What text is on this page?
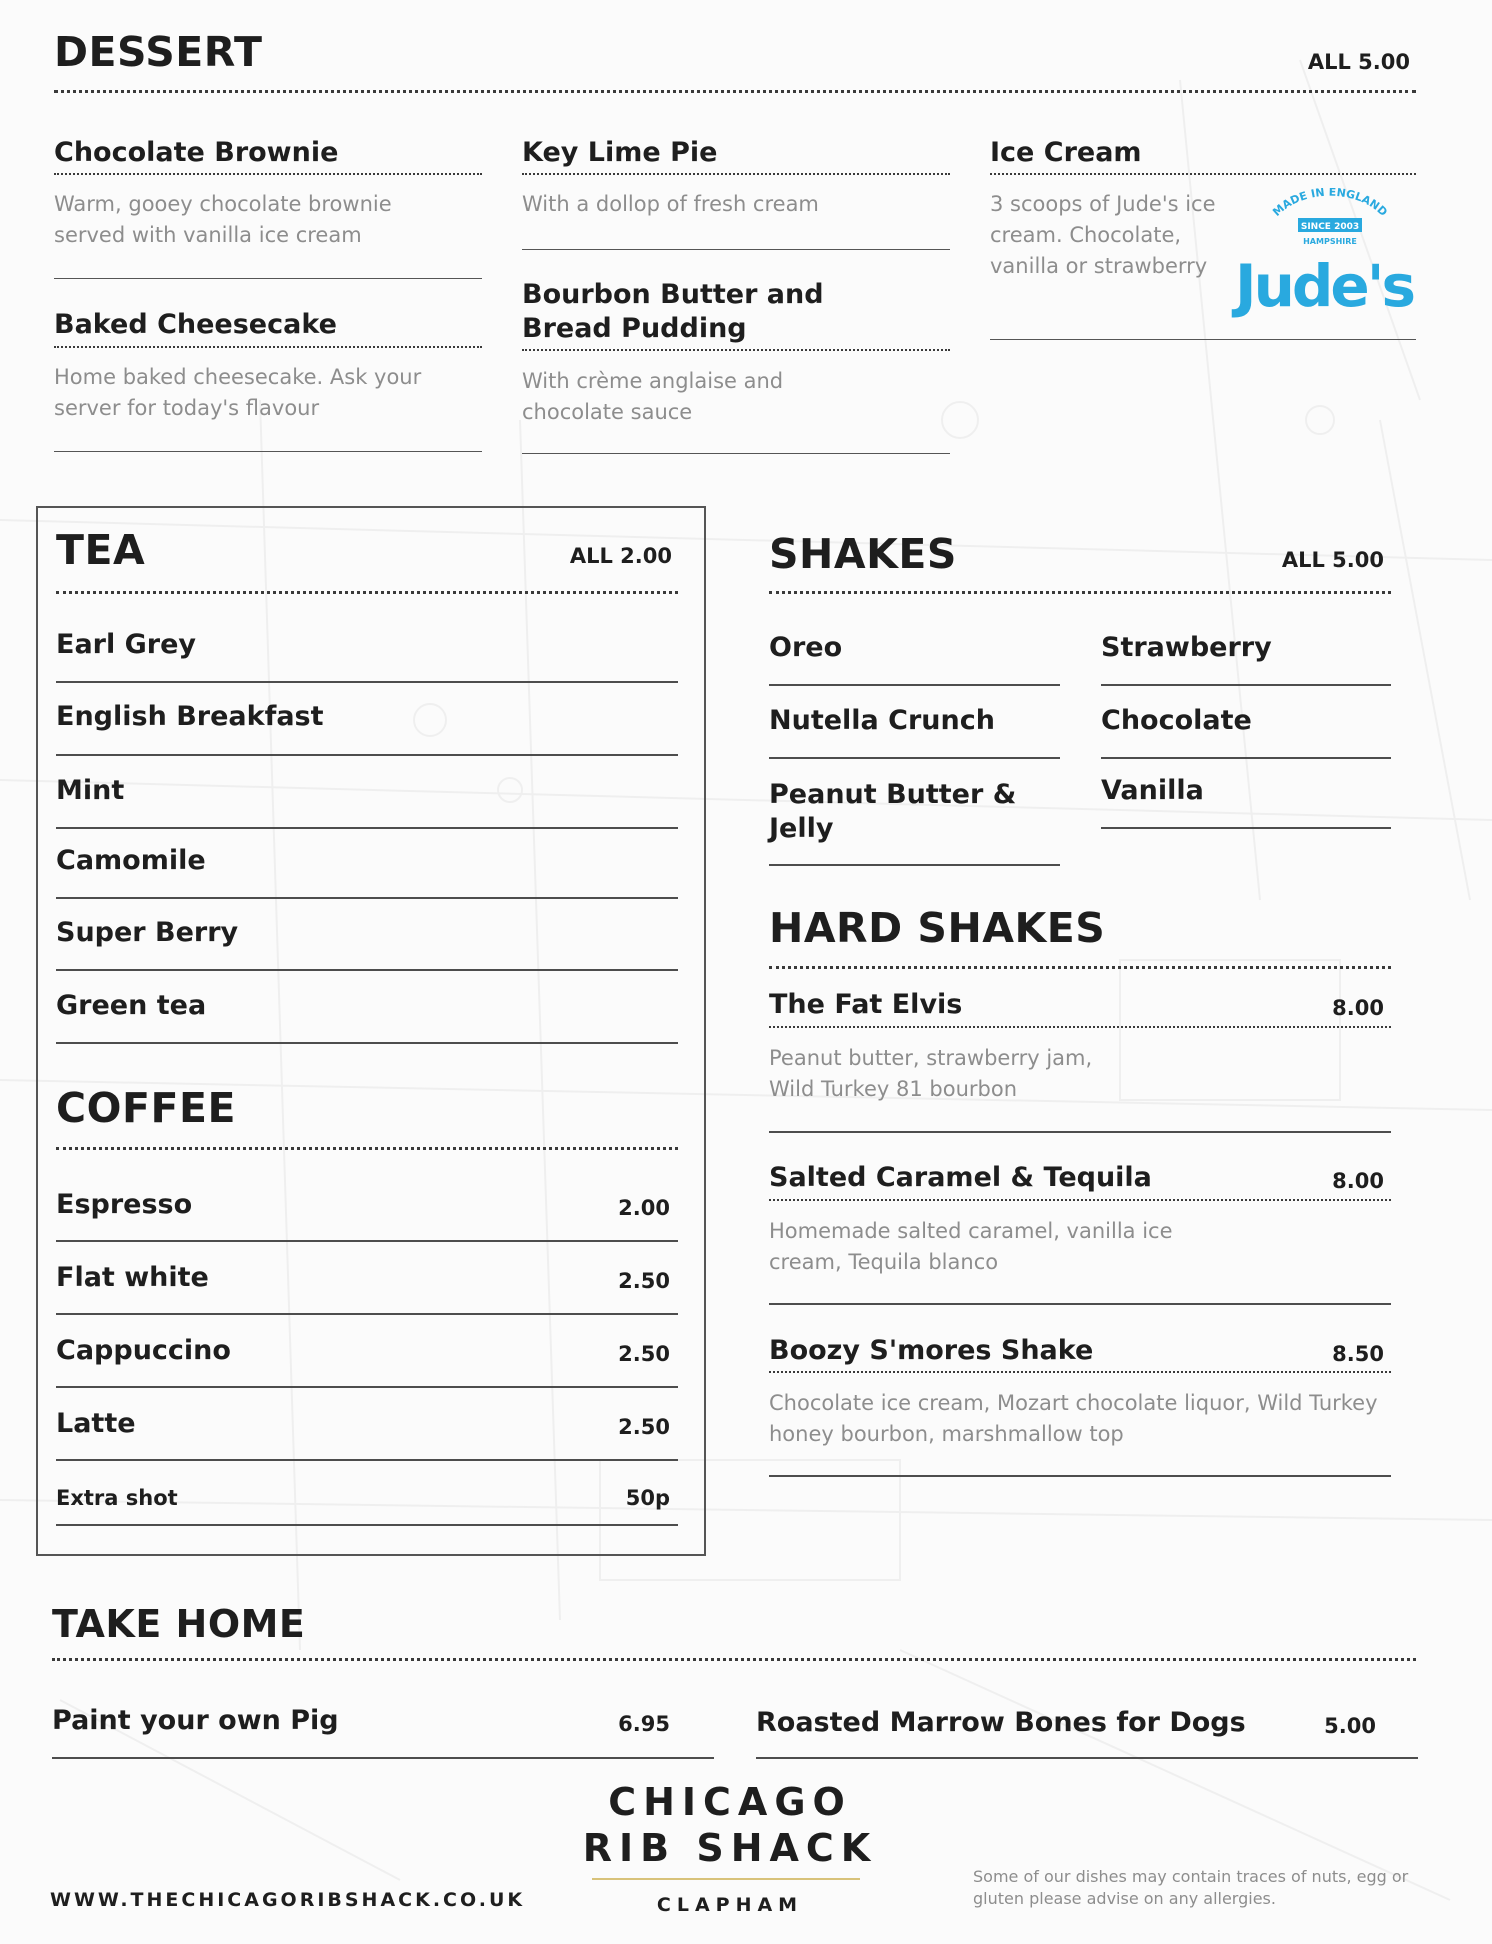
DESSERT	ALL 5.00
Chocolate Brownie
Warm, gooey chocolate brownie served with vanilla ice cream
Baked Cheesecake
Home baked cheesecake. Ask your server for today's flavour
Key Lime Pie
With a dollop of fresh cream
Bourbon Butter and Bread Pudding
With crème anglaise and chocolate sauce
Ice Cream
3 scoops of Jude's ice cream. Chocolate, vanilla or strawberry
MADE IN ENGLAND
SINCE 2003
HAMPSHIRE
Jude's
TEA	ALL 2.00
Earl Grey
English Breakfast
Mint
Camomile
Super Berry
Green tea
COFFEE
Espresso	2.00
Flat white	2.50
Cappuccino	2.50
Latte	2.50
Extra shot	50p
SHAKES	ALL 5.00
Oreo
Nutella Crunch
Peanut Butter & Jelly
Strawberry
Chocolate
Vanilla
HARD SHAKES
The Fat Elvis	8.00
Peanut butter, strawberry jam, Wild Turkey 81 bourbon
Salted Caramel & Tequila	8.00
Homemade salted caramel, vanilla ice cream, Tequila blanco
Boozy S'mores Shake	8.50
Chocolate ice cream, Mozart chocolate liquor, Wild Turkey honey bourbon, marshmallow top
TAKE HOME
Paint your own Pig	6.95	Roasted Marrow Bones for Dogs	5.00
CHICAGO
RIB SHACK
CLAPHAM
WWW.THECHICAGORIBSHACK.CO.UK
Some of our dishes may contain traces of nuts, egg or gluten please advise on any allergies.
